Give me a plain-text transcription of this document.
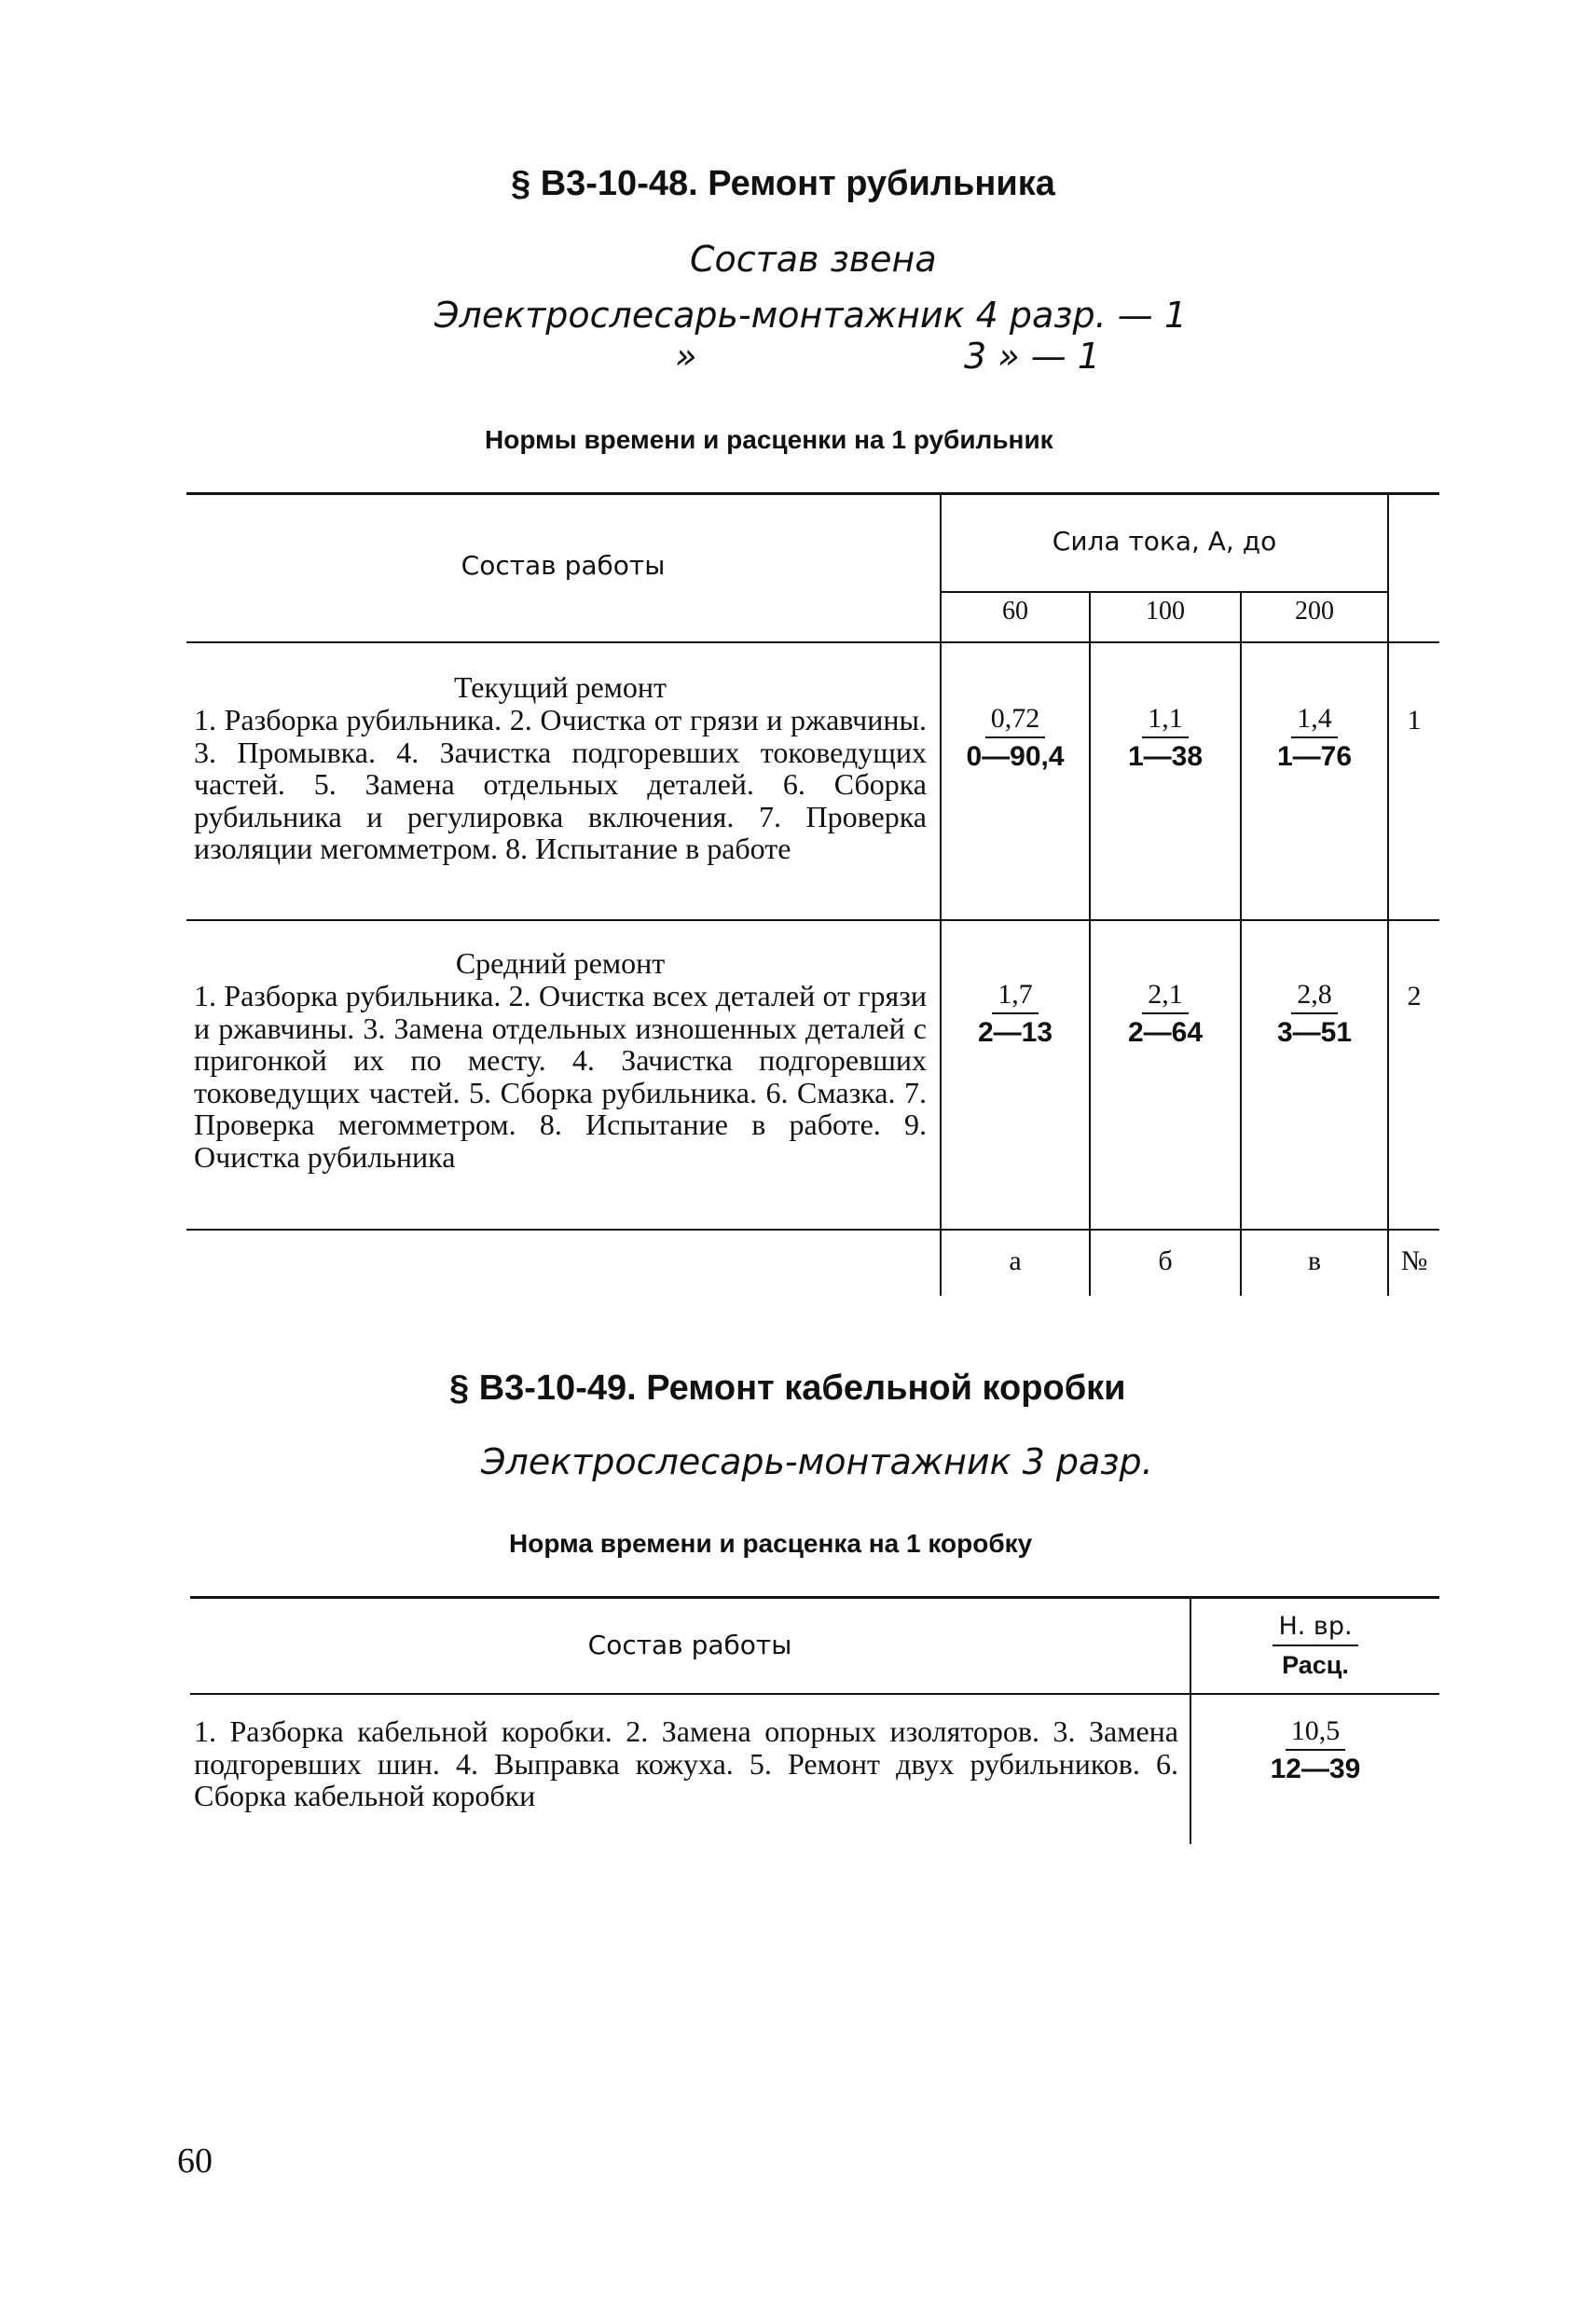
§ В3-10-48. Ремонт рубильника
Состав звена
Электрослесарь-монтажник 4 разр. — 1
»	3 » — 1
Нормы времени и расценки на 1 рубильник
Состав работы
Сила тока, А, до
60	100	200
Текущий ремонт
1. Разборка рубильника. 2. Очистка от грязи и ржавчины. 3. Промывка. 4. Зачистка подгоревших токоведущих частей. 5. Замена отдельных деталей. 6. Сборка рубильника и регулировка включения. 7. Проверка изоляции мегомметром. 8. Испытание в работе
$\frac{0,72}{0—90,4} \frac{1,1}{1—38} \frac{1,4}{1—76} 1$
Средний ремонт
1. Разборка рубильника. 2. Очистка всех деталей от грязи и ржавчины. 3. Замена отдельных изношенных деталей с пригонкой их по месту. 4. Зачистка подгоревших токоведущих частей. 5. Сборка рубильника. 6. Смазка. 7. Проверка мегомметром. 8. Испытание в работе. 9. Очистка рубильника
$\frac{1,7}{2—13} \frac{2,1}{2—64} \frac{2,8}{3—51} 2$
а	б	в	№
§ В3-10-49. Ремонт кабельной коробки
Электрослесарь-монтажник 3 разр.
Норма времени и расценка на 1 коробку
Состав работы
Н. вр.
Расц.
1. Разборка кабельной коробки. 2. Замена опорных изоляторов. 3. Замена подгоревших шин. 4. Выправка кожуха. 5. Ремонт двух рубильников. 6. Сборка кабельной коробки
$\frac{10,5}{12—39}$
60
